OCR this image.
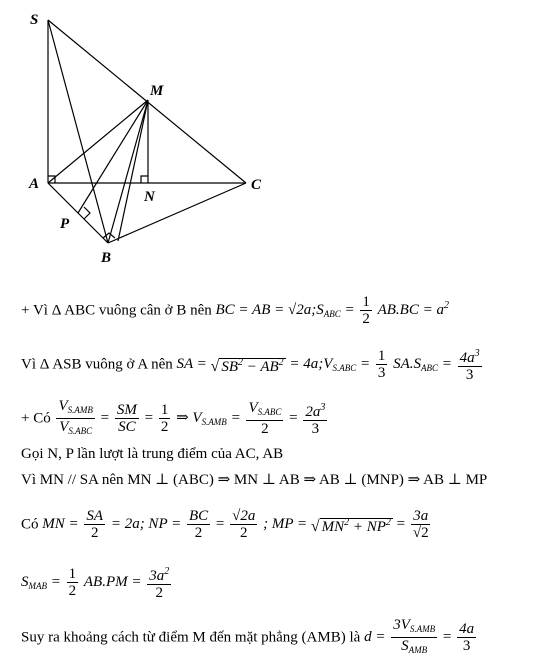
S
M
A
N
C
P
B
+ Vì Δ ABC vuông cân ở B nên BC = AB = $√2a;S_{ABC} = \frac{1}{2} AB.BC = a^2$
Vì Δ ASB vuông ở A nên SA = √ $SB^2 - AB^2$ = $4a;V_{S.ABC} = \frac{1}{3} SA.S_{ABC} = \frac{4a^3}{3}$
+ Có $\frac{V_{S.AMB}}{V_{S.ABC}} = \frac{SM}{SC} = \frac{1}{2}$ ⇒ $V_{S.AMB} = \frac{V_{S.ABC}}{2} = \frac{2a^3}{3}$
Gọi N, P lần lượt là trung điểm của AC, AB
Vì MN // SA nên MN ⊥ (ABC) ⇒ MN ⊥ AB ⇒ AB ⊥ (MNP) ⇒ AB ⊥ MP
Có MN = $\frac{SA}{2} = 2a$; NP = $\frac{BC}{2} = \frac{√2a}{2}$ ; MP = √ $MN^2 + NP^2 = \frac{3a}{√2}$
$S_{MAB} = \frac{1}{2} AB.PM = \frac{3a^2}{2}$
Suy ra khoảng cách từ điểm M đến mặt phẳng (AMB) là $d = \frac{3V_{S.AMB}}{S_{AMB}} = \frac{4a}{3}$
